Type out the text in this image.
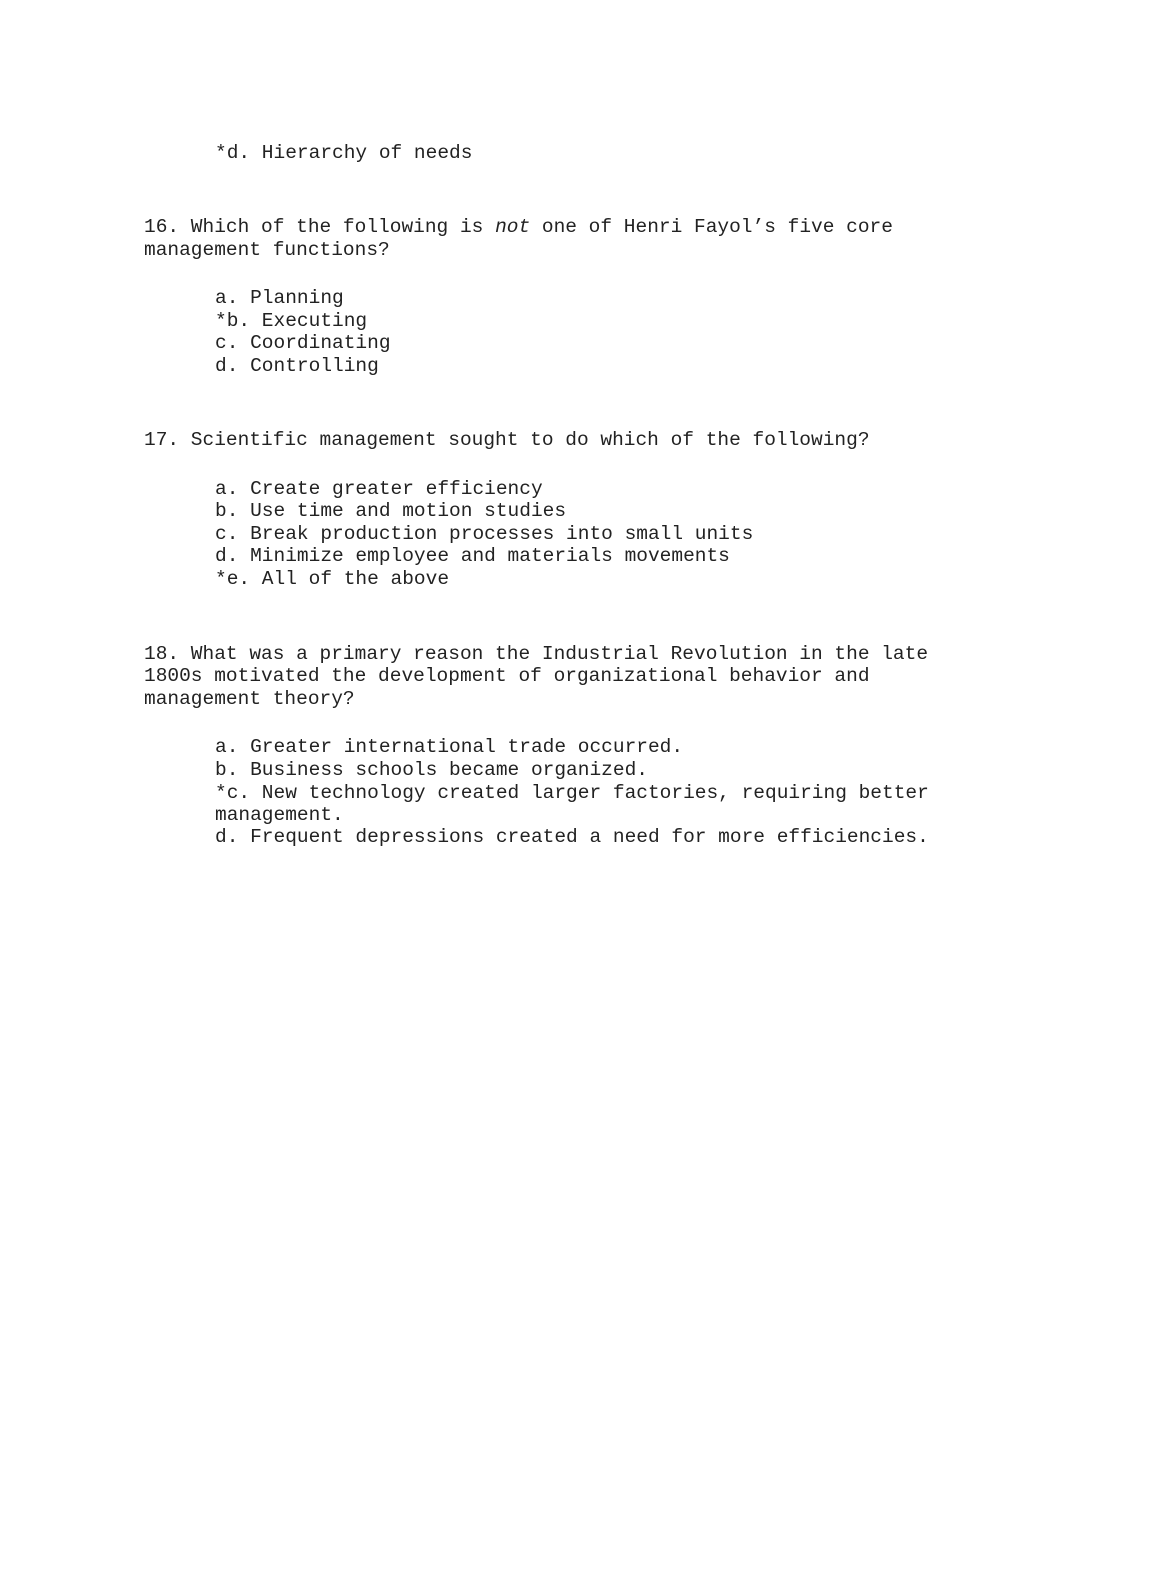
*d. Hierarchy of needs
16. Which of the following is not one of Henri Fayol’s five core
management functions?
a. Planning
*b. Executing
c. Coordinating
d. Controlling
17. Scientific management sought to do which of the following?
a. Create greater efficiency
b. Use time and motion studies
c. Break production processes into small units
d. Minimize employee and materials movements
*e. All of the above
18. What was a primary reason the Industrial Revolution in the late
1800s motivated the development of organizational behavior and
management theory?
a. Greater international trade occurred.
b. Business schools became organized.
*c. New technology created larger factories, requiring better
management.
d. Frequent depressions created a need for more efficiencies.
